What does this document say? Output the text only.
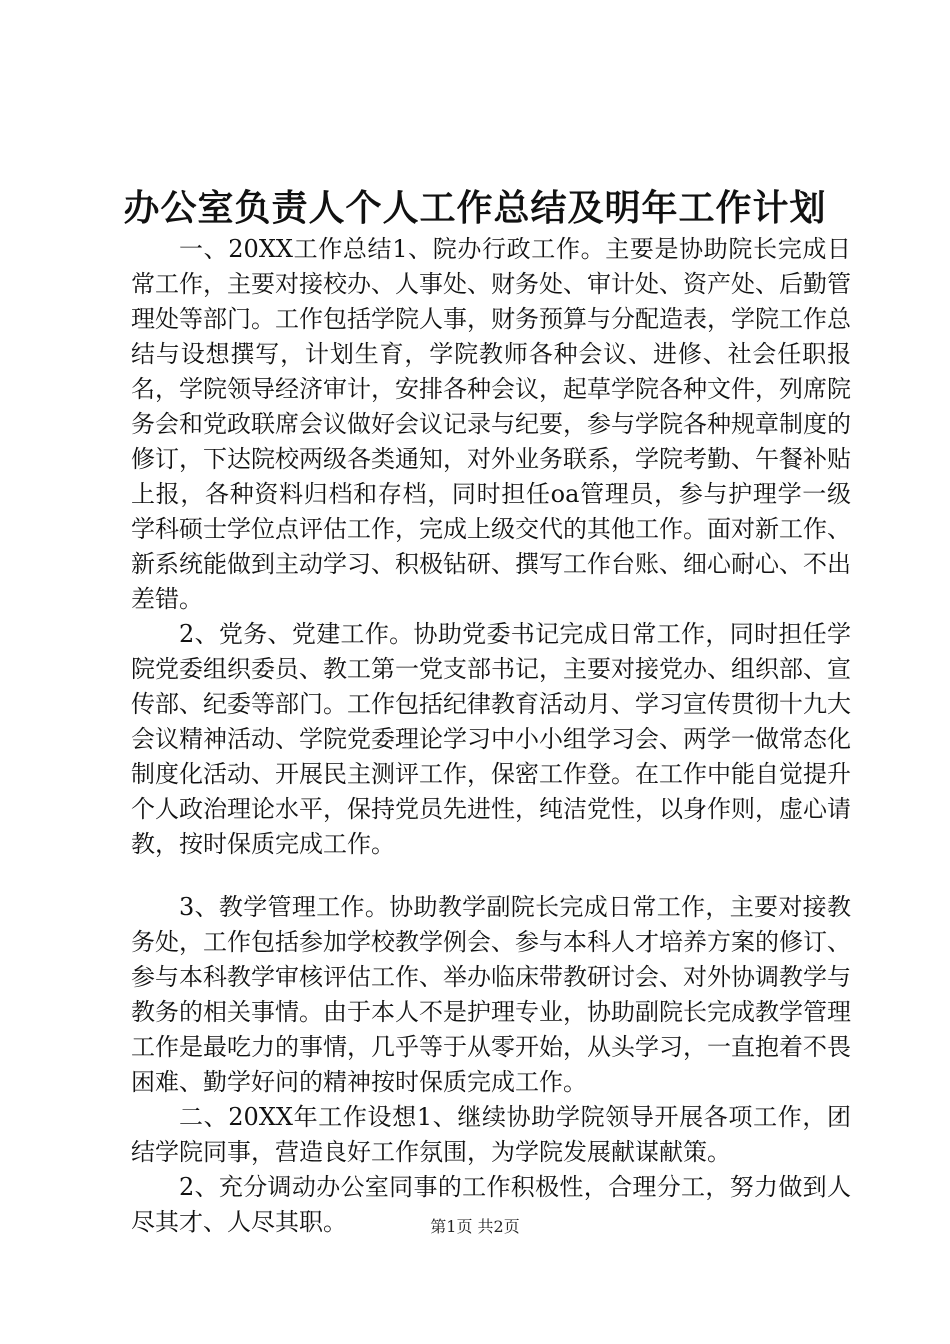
办公室负责人个人工作总结及明年工作计划

一、20XX工作总结1、院办行政工作。主要是协助院长完成日常工作，主要对接校办、人事处、财务处、审计处、资产处、后勤管理处等部门。工作包括学院人事，财务预算与分配造表，学院工作总结与设想撰写，计划生育，学院教师各种会议、进修、社会任职报名，学院领导经济审计，安排各种会议，起草学院各种文件，列席院务会和党政联席会议做好会议记录与纪要，参与学院各种规章制度的修订，下达院校两级各类通知，对外业务联系，学院考勤、午餐补贴上报，各种资料归档和存档，同时担任oa管理员，参与护理学一级学科硕士学位点评估工作，完成上级交代的其他工作。面对新工作、新系统能做到主动学习、积极钻研、撰写工作台账、细心耐心、不出差错。

2、党务、党建工作。协助党委书记完成日常工作，同时担任学院党委组织委员、教工第一党支部书记，主要对接党办、组织部、宣传部、纪委等部门。工作包括纪律教育活动月、学习宣传贯彻十九大会议精神活动、学院党委理论学习中小小组学习会、两学一做常态化制度化活动、开展民主测评工作，保密工作登。在工作中能自觉提升个人政治理论水平，保持党员先进性，纯洁党性，以身作则，虚心请教，按时保质完成工作。

3、教学管理工作。协助教学副院长完成日常工作，主要对接教务处，工作包括参加学校教学例会、参与本科人才培养方案的修订、参与本科教学审核评估工作、举办临床带教研讨会、对外协调教学与教务的相关事情。由于本人不是护理专业，协助副院长完成教学管理工作是最吃力的事情，几乎等于从零开始，从头学习，一直抱着不畏困难、勤学好问的精神按时保质完成工作。

二、20XX年工作设想1、继续协助学院领导开展各项工作，团结学院同事，营造良好工作氛围，为学院发展献谋献策。

2、充分调动办公室同事的工作积极性，合理分工，努力做到人尽其才、人尽其职。	第1页 共2页
